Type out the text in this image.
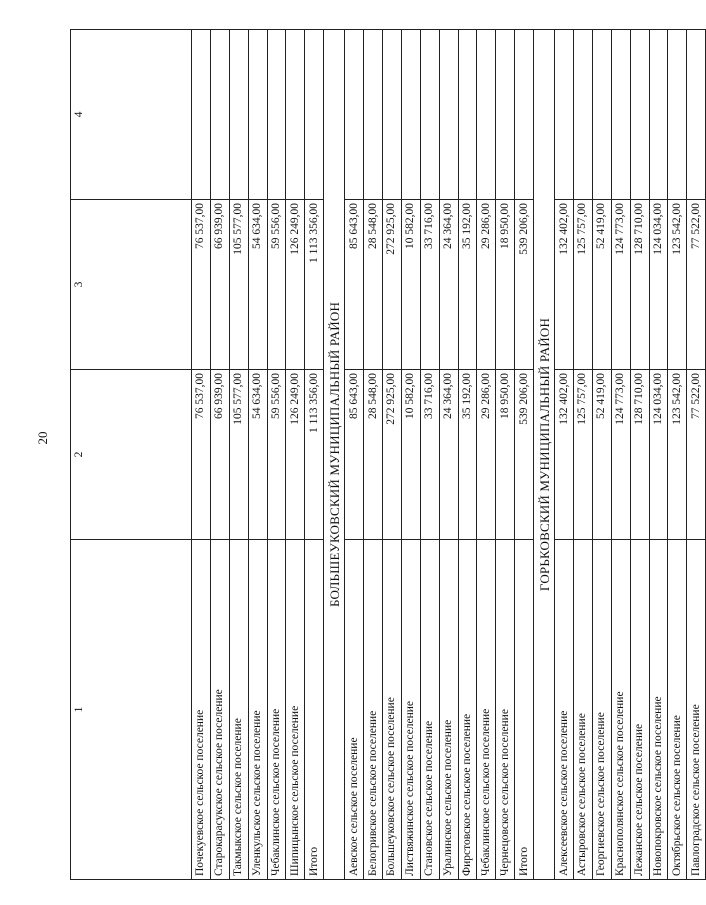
20
1	2	3	4
Почекуевское сельское поселение	76 537,00	76 537,00	
Старокарасукское сельское поселение	66 939,00	66 939,00	
Такмыкское сельское поселение	105 577,00	105 577,00	
Уленкульское сельское поселение	54 634,00	54 634,00	
Чебаклинское сельское поселение	59 556,00	59 556,00	
Шипицынское сельское поселение	126 249,00	126 249,00	
Итого	1 113 356,00	1 113 356,00	
БОЛЬШЕУКОВСКИЙ МУНИЦИПАЛЬНЫЙ РАЙОН			
Аевское сельское поселение	85 643,00	85 643,00	
Белогривское сельское поселение	28 548,00	28 548,00	
Большеуковское сельское поселение	272 925,00	272 925,00	
Листвяжинское сельское поселение	10 582,00	10 582,00	
Становское сельское поселение	33 716,00	33 716,00	
Уралинское сельское поселение	24 364,00	24 364,00	
Фирстовское сельское поселение	35 192,00	35 192,00	
Чебаклинское сельское поселение	29 286,00	29 286,00	
Чернецовское сельское поселение	18 950,00	18 950,00	
Итого	539 206,00	539 206,00	
ГОРЬКОВСКИЙ МУНИЦИПАЛЬНЫЙ РАЙОН			
Алексеевское сельское поселение	132 402,00	132 402,00	
Астыровское сельское поселение	125 757,00	125 757,00	
Георгиевское сельское поселение	52 419,00	52 419,00	
Краснополянское сельское поселение	124 773,00	124 773,00	
Лежанское сельское поселение	128 710,00	128 710,00	
Новопокровское сельское поселение	124 034,00	124 034,00	
Октябрьское сельское поселение	123 542,00	123 542,00	
Павлоградское сельское поселение	77 522,00	77 522,00	
